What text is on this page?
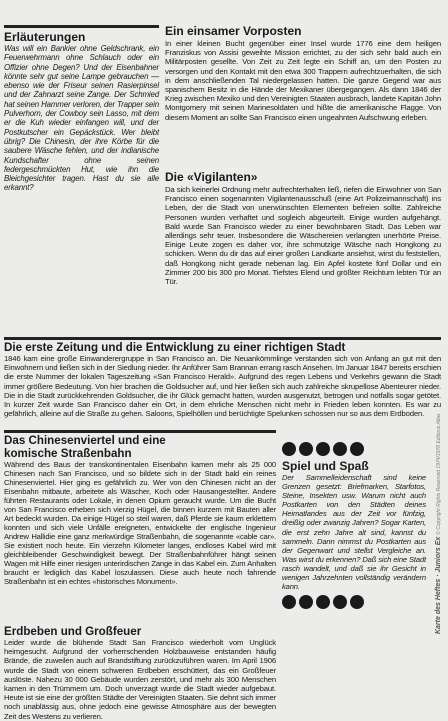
Erläuterungen

Was will ein Bankier ohne Geldschrank, ein Feuerwehrmann ohne Schlauch oder ein Offizier ohne Degen? Und der Eisenbahner könnte sehr gut seine Lampe gebrauchen — ebenso wie der Friseur seinen Rasierpinsel und der Zahnarzt seine Zange. Der Schmied hat seinen Hammer verloren, der Trapper sein Pulverhorn, der Cowboy sein Lasso, mit dem er die Kuh wieder einfangen will, und der Postkutscher ein Gepäckstück. Wer bleibt übrig? Die Chinesin, der ihre Körbe für die saubere Wäsche fehlen, und der indianische Kundschafter ohne seinen federgeschmückten Hut, wie ihn die Bleichgesichter tragen. Hast du sie alle erkannt?

Ein einsamer Vorposten

In einer kleinen Bucht gegenüber einer Insel wurde 1776 eine dem heiligen Franziskus von Assisi geweihte Mission errichtet, zu der sich sehr bald auch ein Militärposten gesellte. Von Zeit zu Zeit legte ein Schiff an, um den Posten zu versorgen und den Kontakt mit den etwa 300 Trappern aufrechtzuerhalten, die sich in dem anschließenden Tal niedergelassen hatten. Die ganze Gegend war aus spanischem Besitz in die Hände der Mexikaner übergegangen. Als dann 1846 der Krieg zwischen Mexiko und den Vereinigten Staaten ausbrach, landete Kapitän John Montgomery mit seinen Marinesoldaten und hißte die amerikanische Flagge. Von diesem Moment an sollte San Francisco einen ungeahnten Aufschwung erleben.

Die «Vigilanten»

Da sich keinerlei Ordnung mehr aufrechterhalten ließ, riefen die Einwohner von San Francisco einen sogenannten Vigilantenausschuß (eine Art Polizeimannschaft) ins Leben, der die Stadt von unerwünschten Elementen befreien sollte. Zahlreiche Personen wurden verhaftet und sogleich abgeurteilt. Einige wurden aufgehängt. Bald wurde San Francisco wieder zu einer bewohnbaren Stadt. Das Leben war allerdings sehr teuer. Insbesondere die Wäschereien verlangten unerhörte Preise. Einige Leute zogen es daher vor, ihre schmutzige Wäsche nach Hongkong zu schicken. Wenn du dir das auf einer großen Landkarte ansiehst, wirst du feststellen, daß Hongkong nicht gerade nebenan lag. Ein Apfel kostete fünf Dollar und ein Zimmer 200 bis 300 pro Monat. Tiefstes Elend und größter Reichtum lebten Tür an Tür.

Die erste Zeitung und die Entwicklung zu einer richtigen Stadt

1846 kam eine große Einwanderergruppe in San Francisco an. Die Neuankömmlinge verstanden sich von Anfang an gut mit den Einwohnern und ließen sich in der Siedlung nieder. Ihr Anführer Sam Brannan errang rasch Ansehen. Im Januar 1847 bereits erschien die erste Nummer der lokalen Tageszeitung «San Francisco Herald». Aufgrund des regen Lebens und Verkehrs gewann die Stadt immer größere Bedeutung. Von hier brachen die Goldsucher auf, und hier ließen sich auch zahlreiche skrupellose Abenteurer nieder. Die in die Stadt zurückkehrenden Goldsucher, die ihr Glück gemacht hatten, wurden ausgenutzt, betrogen und notfalls sogar getötet. In kurzer Zeit wurde San Francisco daher ein Ort, in dem ehrliche Menschen nicht mehr in Frieden leben konnten. Es war zu gefährlich, alleine auf die Straße zu gehen. Saloons, Spielhöllen und berüchtigte Spelunken schossen nur so aus dem Erdboden.

Das Chinesenviertel und eine komische Straßenbahn

Während des Baus der transkontinentalen Eisenbahn kamen mehr als 25 000 Chinesen nach San Francisco, und so bildete sich in der Stadt bald ein reines Chinesenviertel. Hier ging es gefährlich zu. Wer von den Chinesen nicht an der Eisenbahn mitbaute, arbeitete als Wäscher, Koch oder Hausangestellter. Andere führten Restaurants oder Lokale, in denen Opium geraucht wurde. Um die Bucht von San Francisco erheben sich vierzig Hügel, die binnen kurzem mit Bauten aller Art bedeckt wurden. Da einige Hügel so steil waren, daß Pferde sie kaum erklettern konnten und sich viele Unfälle ereigneten, entwickelte der englische Ingenieur Andrew Hallidie eine ganz merkwürdige Straßenbahn, die sogenannte «cable car». Sie existiert noch heute. Ein vierzehn Kilometer langes, endloses Kabel wird mit gleichbleibender Geschwindigkeit bewegt. Der Straßenbahnführer hängt seinen Wagen mit Hilfe einer riesigen unterirdischen Zange in das Kabel ein. Zum Anhalten braucht er lediglich das Kabel loszulassen. Diese auch heute noch fahrende Straßenbahn ist ein echtes «historisches Monument».

Erdbeben und Großfeuer

Leider wurde die blühende Stadt San Francisco wiederholt vom Unglück heimgesucht. Aufgrund der vorherrschenden Holzbauweise entstanden häufig Brände, die zuweilen auch auf Brandstiftung zurückzuführen waren. Im April 1906 wurde die Stadt von einem schweren Erdbeben erschüttert, das ein Großfeuer auslöste. Nahezu 30 000 Gebäude wurden zerstört, und mehr als 300 Menschen kamen in den Trümmern um. Doch unverzagt wurde die Stadt wieder aufgebaut. Heute ist sie eine der größten Städte der Vereinigten Staaten. Sie dehnt sich immer noch unablässig aus, ohne jedoch eine gewisse Atmosphäre aus der bewegten Zeit des Westens zu verlieren.

Spiel und Spaß

Der Sammelleidenschaft sind keine Grenzen gesetzt: Briefmarken, Starfotos, Steine, Insekten usw. Warum nicht auch Postkarten von den Städten deines Heimatlandes aus der Zeit vor fünfzig, dreißig oder zwanzig Jahren? Sogar Karten, die erst zehn Jahre alt sind, kannst du sammeln. Dann nimmst du Postkarten aus der Gegenwart und stellst Vergleiche an. Was wirst du erkennen? Daß sich eine Stadt rasch wandelt, und daß sie ihr Gesicht in wenigen Jahrzehnten vollständig verändern kann.	Karte des Heftes · Juniors Ex © Copyright Rights Reserved 1974/1978 Editions Atlas
